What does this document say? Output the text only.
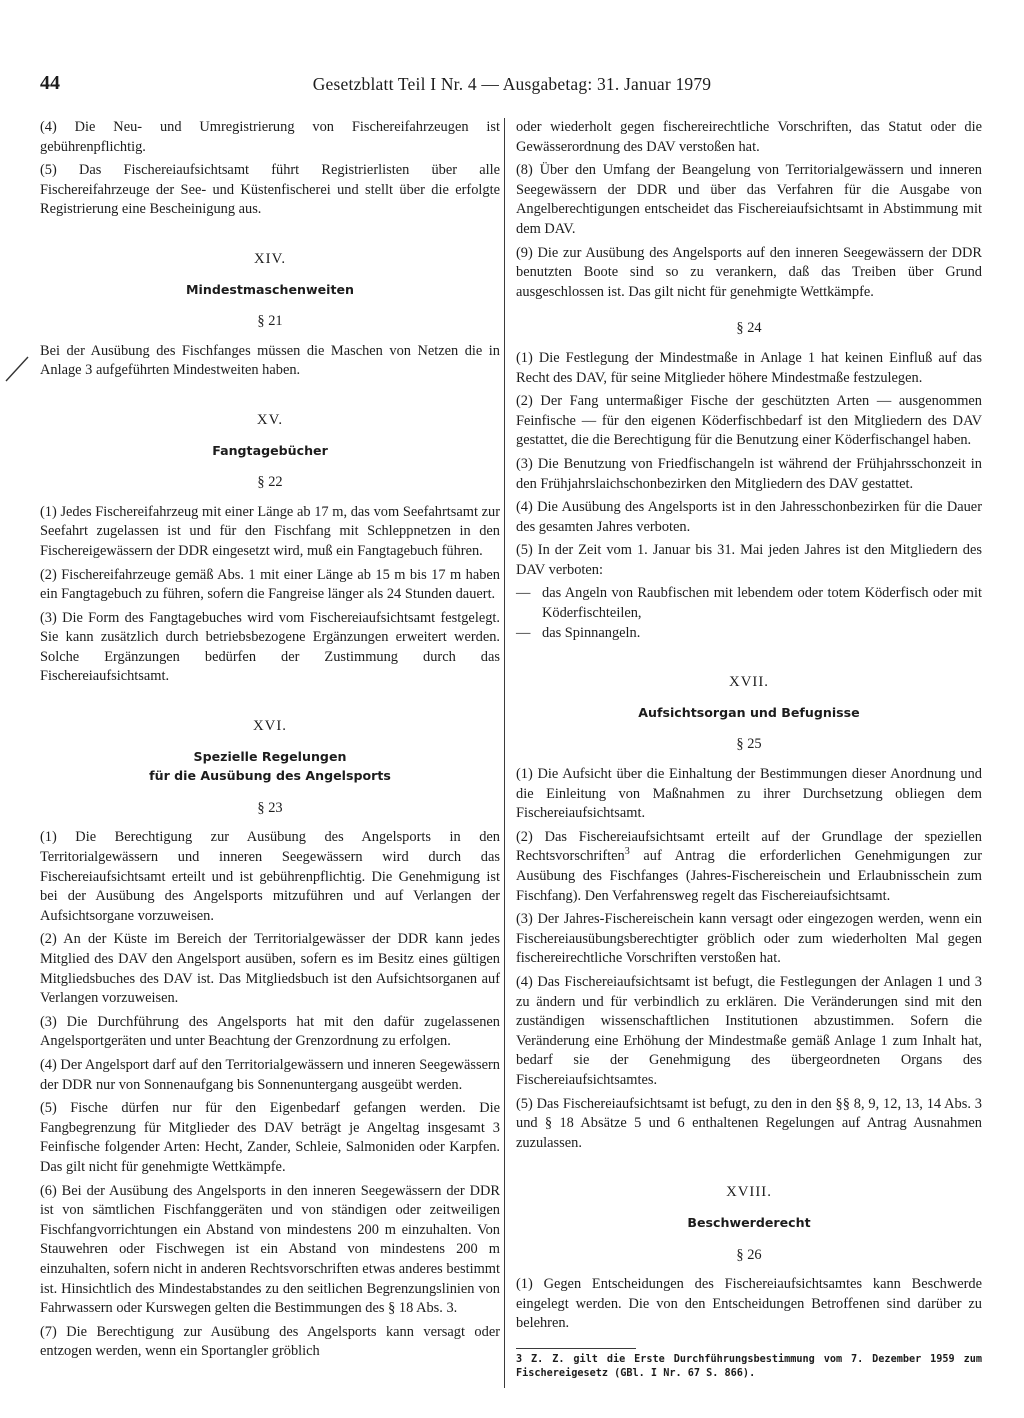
44	Gesetzblatt Teil I Nr. 4 — Ausgabetag: 31. Januar 1979

(4) Die Neu- und Umregistrierung von Fischereifahrzeugen ist gebührenpflichtig.

(5) Das Fischereiaufsichtsamt führt Registrierlisten über alle Fischereifahrzeuge der See- und Küstenfischerei und stellt über die erfolgte Registrierung eine Bescheinigung aus.

XIV.
Mindestmaschenweiten
§ 21

Bei der Ausübung des Fischfanges müssen die Maschen von Netzen die in Anlage 3 aufgeführten Mindestweiten haben.

XV.
Fangtagebücher
§ 22

(1) Jedes Fischereifahrzeug mit einer Länge ab 17 m, das vom Seefahrtsamt zur Seefahrt zugelassen ist und für den Fischfang mit Schleppnetzen in den Fischereigewässern der DDR eingesetzt wird, muß ein Fangtagebuch führen.

(2) Fischereifahrzeuge gemäß Abs. 1 mit einer Länge ab 15 m bis 17 m haben ein Fangtagebuch zu führen, sofern die Fangreise länger als 24 Stunden dauert.

(3) Die Form des Fangtagebuches wird vom Fischereiaufsichtsamt festgelegt. Sie kann zusätzlich durch betriebsbezogene Ergänzungen erweitert werden. Solche Ergänzungen bedürfen der Zustimmung durch das Fischereiaufsichtsamt.

XVI.
Spezielle Regelungen
für die Ausübung des Angelsports
§ 23

(1) Die Berechtigung zur Ausübung des Angelsports in den Territorialgewässern und inneren Seegewässern wird durch das Fischereiaufsichtsamt erteilt und ist gebührenpflichtig. Die Genehmigung ist bei der Ausübung des Angelsports mitzuführen und auf Verlangen der Aufsichtsorgane vorzuweisen.

(2) An der Küste im Bereich der Territorialgewässer der DDR kann jedes Mitglied des DAV den Angelsport ausüben, sofern es im Besitz eines gültigen Mitgliedsbuches des DAV ist. Das Mitgliedsbuch ist den Aufsichtsorganen auf Verlangen vorzuweisen.

(3) Die Durchführung des Angelsports hat mit den dafür zugelassenen Angelsportgeräten und unter Beachtung der Grenzordnung zu erfolgen.

(4) Der Angelsport darf auf den Territorialgewässern und inneren Seegewässern der DDR nur von Sonnenaufgang bis Sonnenuntergang ausgeübt werden.

(5) Fische dürfen nur für den Eigenbedarf gefangen werden. Die Fangbegrenzung für Mitglieder des DAV beträgt je Angeltag insgesamt 3 Feinfische folgender Arten: Hecht, Zander, Schleie, Salmoniden oder Karpfen. Das gilt nicht für genehmigte Wettkämpfe.

(6) Bei der Ausübung des Angelsports in den inneren Seegewässern der DDR ist von sämtlichen Fischfanggeräten und von ständigen oder zeitweiligen Fischfangvorrichtungen ein Abstand von mindestens 200 m einzuhalten. Von Stauwehren oder Fischwegen ist ein Abstand von mindestens 200 m einzuhalten, sofern nicht in anderen Rechtsvorschriften etwas anderes bestimmt ist. Hinsichtlich des Mindestabstandes zu den seitlichen Begrenzungslinien von Fahrwassern oder Kurswegen gelten die Bestimmungen des § 18 Abs. 3.

(7) Die Berechtigung zur Ausübung des Angelsports kann versagt oder entzogen werden, wenn ein Sportangler gröblich

oder wiederholt gegen fischereirechtliche Vorschriften, das Statut oder die Gewässerordnung des DAV verstoßen hat.

(8) Über den Umfang der Beangelung von Territorialgewässern und inneren Seegewässern der DDR und über das Verfahren für die Ausgabe von Angelberechtigungen entscheidet das Fischereiaufsichtsamt in Abstimmung mit dem DAV.

(9) Die zur Ausübung des Angelsports auf den inneren Seegewässern der DDR benutzten Boote sind so zu verankern, daß das Treiben über Grund ausgeschlossen ist. Das gilt nicht für genehmigte Wettkämpfe.

§ 24

(1) Die Festlegung der Mindestmaße in Anlage 1 hat keinen Einfluß auf das Recht des DAV, für seine Mitglieder höhere Mindestmaße festzulegen.

(2) Der Fang untermaßiger Fische der geschützten Arten — ausgenommen Feinfische — für den eigenen Köderfischbedarf ist den Mitgliedern des DAV gestattet, die die Berechtigung für die Benutzung einer Köderfischangel haben.

(3) Die Benutzung von Friedfischangeln ist während der Frühjahrsschonzeit in den Frühjahrslaichschonbezirken den Mitgliedern des DAV gestattet.

(4) Die Ausübung des Angelsports ist in den Jahresschonbezirken für die Dauer des gesamten Jahres verboten.

(5) In der Zeit vom 1. Januar bis 31. Mai jeden Jahres ist den Mitgliedern des DAV verboten:

— das Angeln von Raubfischen mit lebendem oder totem Köderfisch oder mit Köderfischteilen,
— das Spinnangeln.
XVII.
Aufsichtsorgan und Befugnisse
§ 25

(1) Die Aufsicht über die Einhaltung der Bestimmungen dieser Anordnung und die Einleitung von Maßnahmen zu ihrer Durchsetzung obliegen dem Fischereiaufsichtsamt.

(2) Das Fischereiaufsichtsamt erteilt auf der Grundlage der speziellen Rechtsvorschriften$^3$ auf Antrag die erforderlichen Genehmigungen zur Ausübung des Fischfanges (Jahres-Fischereischein und Erlaubnisschein zum Fischfang). Den Verfahrensweg regelt das Fischereiaufsichtsamt.

(3) Der Jahres-Fischereischein kann versagt oder eingezogen werden, wenn ein Fischereiausübungsberechtigter gröblich oder zum wiederholten Mal gegen fischereirechtliche Vorschriften verstoßen hat.

(4) Das Fischereiaufsichtsamt ist befugt, die Festlegungen der Anlagen 1 und 3 zu ändern und für verbindlich zu erklären. Die Veränderungen sind mit den zuständigen wissenschaftlichen Institutionen abzustimmen. Sofern die Veränderung eine Erhöhung der Mindestmaße gemäß Anlage 1 zum Inhalt hat, bedarf sie der Genehmigung des übergeordneten Organs des Fischereiaufsichtsamtes.

(5) Das Fischereiaufsichtsamt ist befugt, zu den in den §§ 8, 9, 12, 13, 14 Abs. 3 und § 18 Absätze 5 und 6 enthaltenen Regelungen auf Antrag Ausnahmen zuzulassen.

XVIII.
Beschwerderecht
§ 26

(1) Gegen Entscheidungen des Fischereiaufsichtsamtes kann Beschwerde eingelegt werden. Die von den Entscheidungen Betroffenen sind darüber zu belehren.

3 Z. Z. gilt die Erste Durchführungsbestimmung vom 7. Dezember 1959 zum Fischereigesetz (GBl. I Nr. 67 S. 866).
